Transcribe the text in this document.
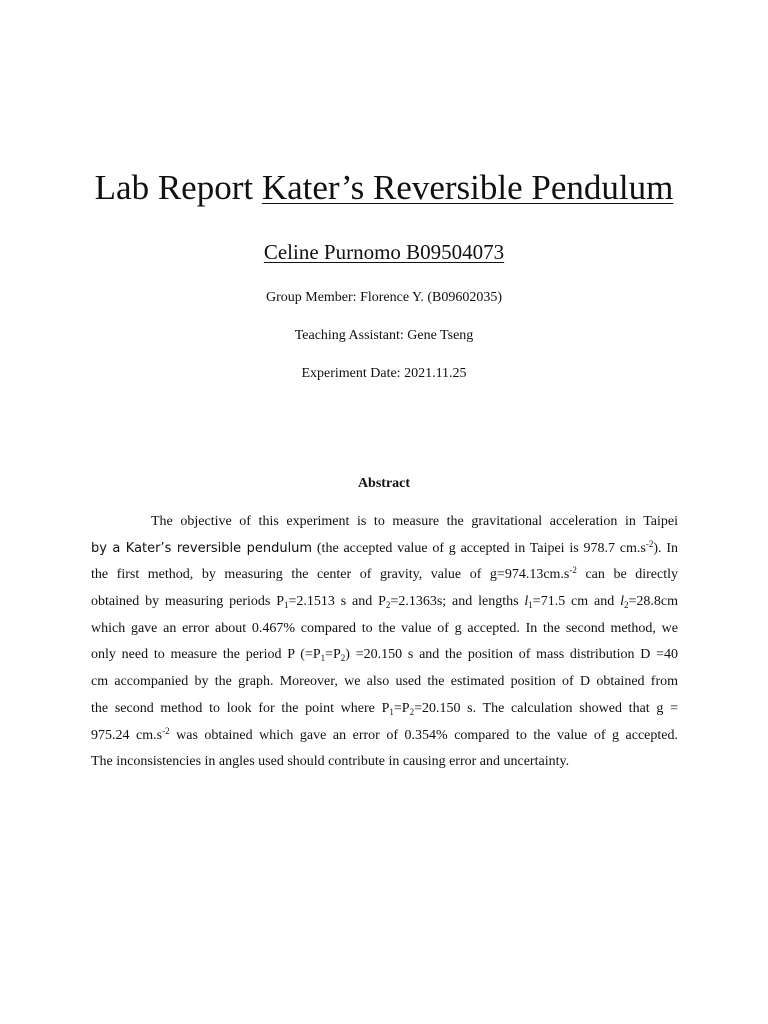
Lab Report Kater’s Reversible Pendulum

Celine Purnomo B09504073

Group Member: Florence Y. (B09602035)

Teaching Assistant: Gene Tseng

Experiment Date: 2021.11.25

Abstract
The objective of this experiment is to measure the gravitational acceleration in Taipei
by a Kater’s reversible pendulum (the accepted value of g accepted in Taipei is 978.7 $cm.s^{-2}$). In
the first method, by measuring the center of gravity, value of $g=974.13cm.s^{-2}$ can be directly
obtained by measuring periods $P_1=2.1513$ s and $P_2=2.1363s$; and lengths $l_1=71.5$ cm and $l_2=28.8cm$
which gave an error about 0.467% compared to the value of g accepted. In the second method, we
only need to measure the period P $(=P_1=P_2) =20.150$ s and the position of mass distribution D =40
cm accompanied by the graph. Moreover, we also used the estimated position of D obtained from
the second method to look for the point where $P_1=P_2=20.150$ s. The calculation showed that g =
975.24 $cm.s^{-2}$ was obtained which gave an error of 0.354% compared to the value of g accepted.
The inconsistencies in angles used should contribute in causing error and uncertainty.
